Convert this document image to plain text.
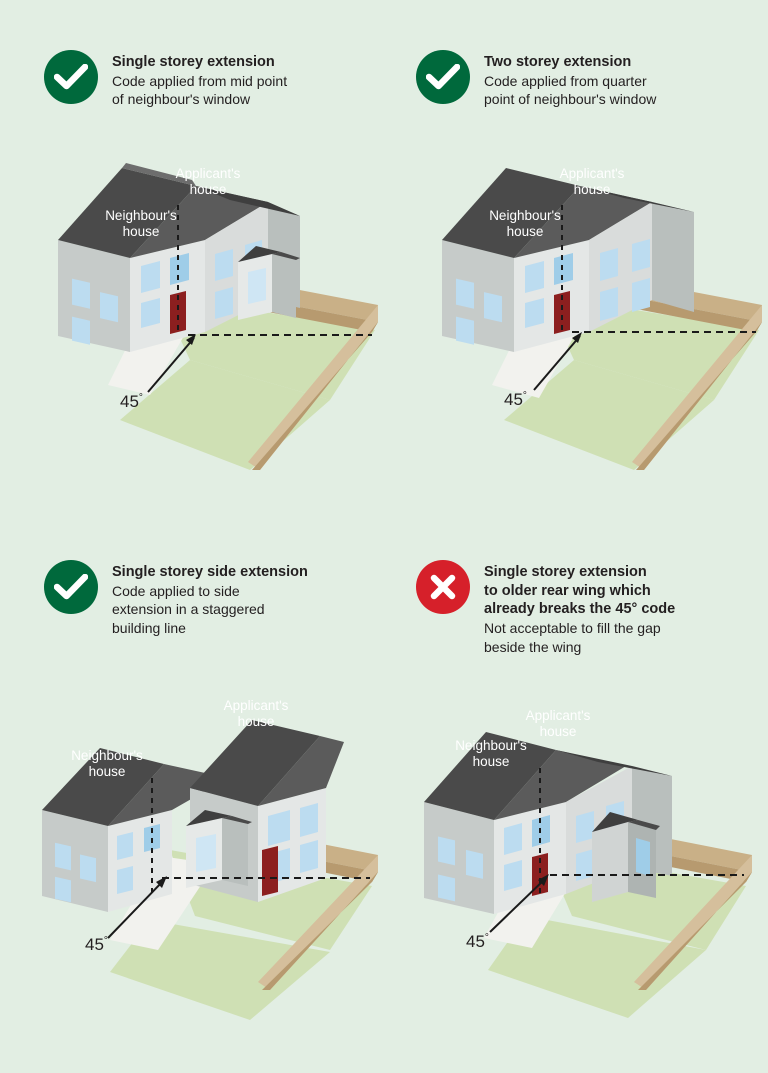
Single storey extension
Code applied from mid point
of neighbour's window
Applicant's
house
Neighbour's
house
45°
Two storey extension
Code applied from quarter
point of neighbour's window
Applicant's
house
Neighbour's
house
45°
Single storey side extension
Code applied to side
extension in a staggered
building line
Applicant's
house
Neighbour's
house
45°
Single storey extension
to older rear wing which
already breaks the 45° code
Not acceptable to fill the gap
beside the wing
Applicant's
house
Neighbour's
house
45°
